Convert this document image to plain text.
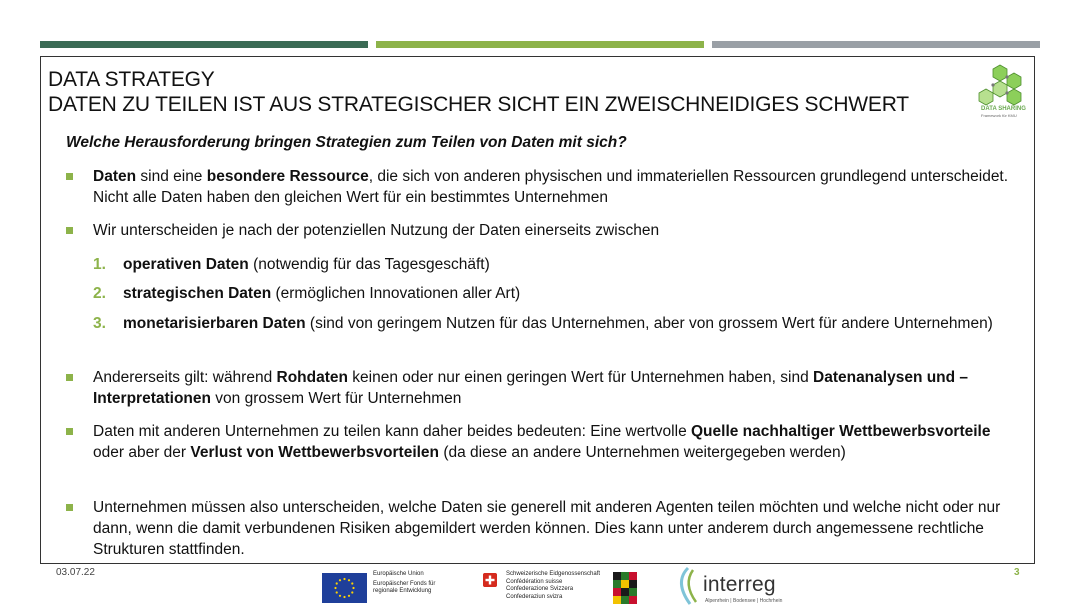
DATA STRATEGY
DATEN ZU TEILEN IST AUS STRATEGISCHER SICHT EIN ZWEISCHNEIDIGES SCHWERT	DATA SHARING
Framework für KMU
Welche Herausforderung bringen Strategien zum Teilen von Daten mit sich?
Daten sind eine besondere Ressource, die sich von anderen physischen und immateriellen Ressourcen grundlegend unterscheidet. Nicht alle Daten haben den gleichen Wert für ein bestimmtes Unternehmen
Wir unterscheiden je nach der potenziellen Nutzung der Daten einerseits zwischen
1. operativen Daten (notwendig für das Tagesgeschäft)
2. strategischen Daten (ermöglichen Innovationen aller Art)
3. monetarisierbaren Daten (sind von geringem Nutzen für das Unternehmen, aber von grossem Wert für andere Unternehmen)
Andererseits gilt: während Rohdaten keinen oder nur einen geringen Wert für Unternehmen haben, sind Datenanalysen und –Interpretationen von grossem Wert für Unternehmen
Daten mit anderen Unternehmen zu teilen kann daher beides bedeuten: Eine wertvolle Quelle nachhaltiger Wettbewerbsvorteile oder aber der Verlust von Wettbewerbsvorteilen (da diese an andere Unternehmen weitergegeben werden)
Unternehmen müssen also unterscheiden, welche Daten sie generell mit anderen Agenten teilen möchten und welche nicht oder nur dann, wenn die damit verbundenen Risiken abgemildert werden können. Dies kann unter anderem durch angemessene rechtliche Strukturen stattfinden.
03.07.22	3
Europäische Union
Europäischer Fonds für
regionale Entwicklung
Schweizerische Eidgenossenschaft
Confédération suisse
Confederazione Svizzera
Confederaziun svizra
interreg
Alpenrhein | Bodensee | Hochrhein
